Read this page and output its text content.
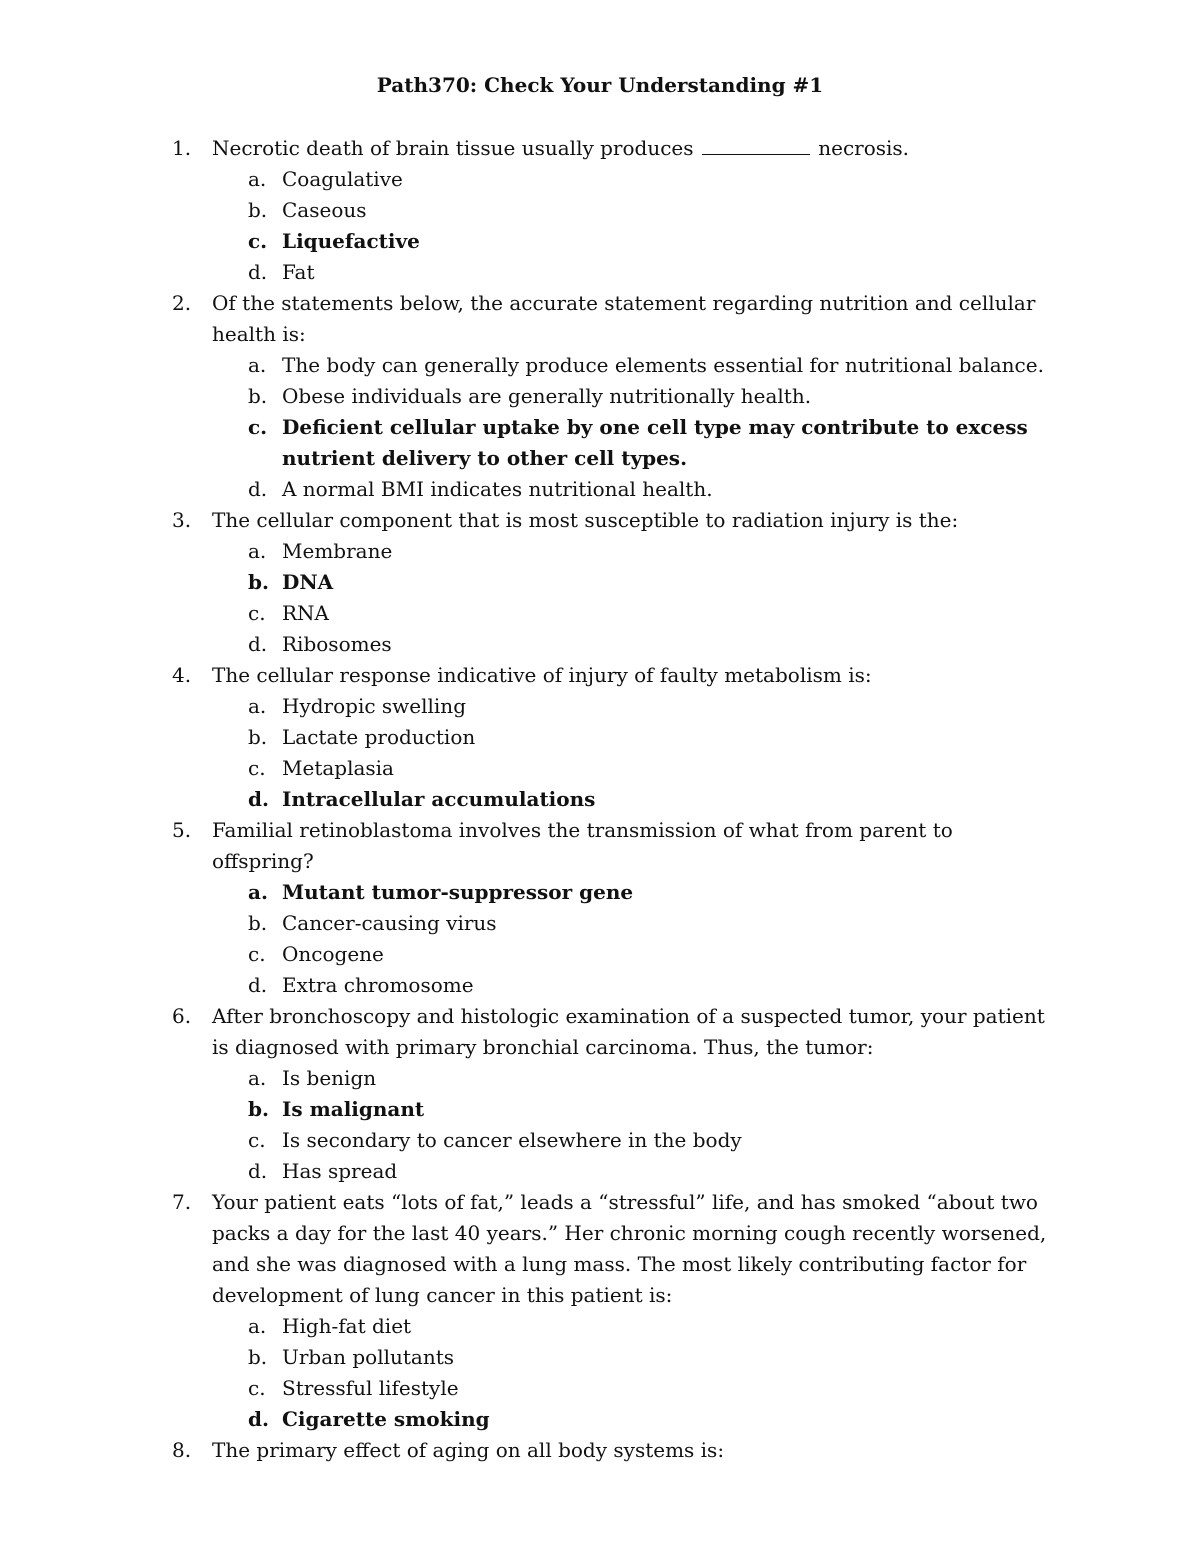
Path370: Check Your Understanding #1
1.	Necrotic death of brain tissue usually produces	necrosis.
a. Coagulative
b. Caseous
c. Liquefactive
d. Fat
2.	Of the statements below, the accurate statement regarding nutrition and cellular health is:
a. The body can generally produce elements essential for nutritional balance.
b. Obese individuals are generally nutritionally health.
c. Deficient cellular uptake by one cell type may contribute to excess nutrient delivery to other cell types.
d. A normal BMI indicates nutritional health.
3.	The cellular component that is most susceptible to radiation injury is the:
a. Membrane
b. DNA
c. RNA
d. Ribosomes
4.	The cellular response indicative of injury of faulty metabolism is:
a. Hydropic swelling
b. Lactate production
c. Metaplasia
d. Intracellular accumulations
5.	Familial retinoblastoma involves the transmission of what from parent to offspring?
a. Mutant tumor-suppressor gene
b. Cancer-causing virus
c. Oncogene
d. Extra chromosome
6.	After bronchoscopy and histologic examination of a suspected tumor, your patient is diagnosed with primary bronchial carcinoma. Thus, the tumor:
a. Is benign
b. Is malignant
c. Is secondary to cancer elsewhere in the body
d. Has spread
7.	Your patient eats “lots of fat,” leads a “stressful” life, and has smoked “about two packs a day for the last 40 years.” Her chronic morning cough recently worsened, and she was diagnosed with a lung mass. The most likely contributing factor for development of lung cancer in this patient is:
a. High-fat diet
b. Urban pollutants
c. Stressful lifestyle
d. Cigarette smoking
8.	The primary effect of aging on all body systems is:
